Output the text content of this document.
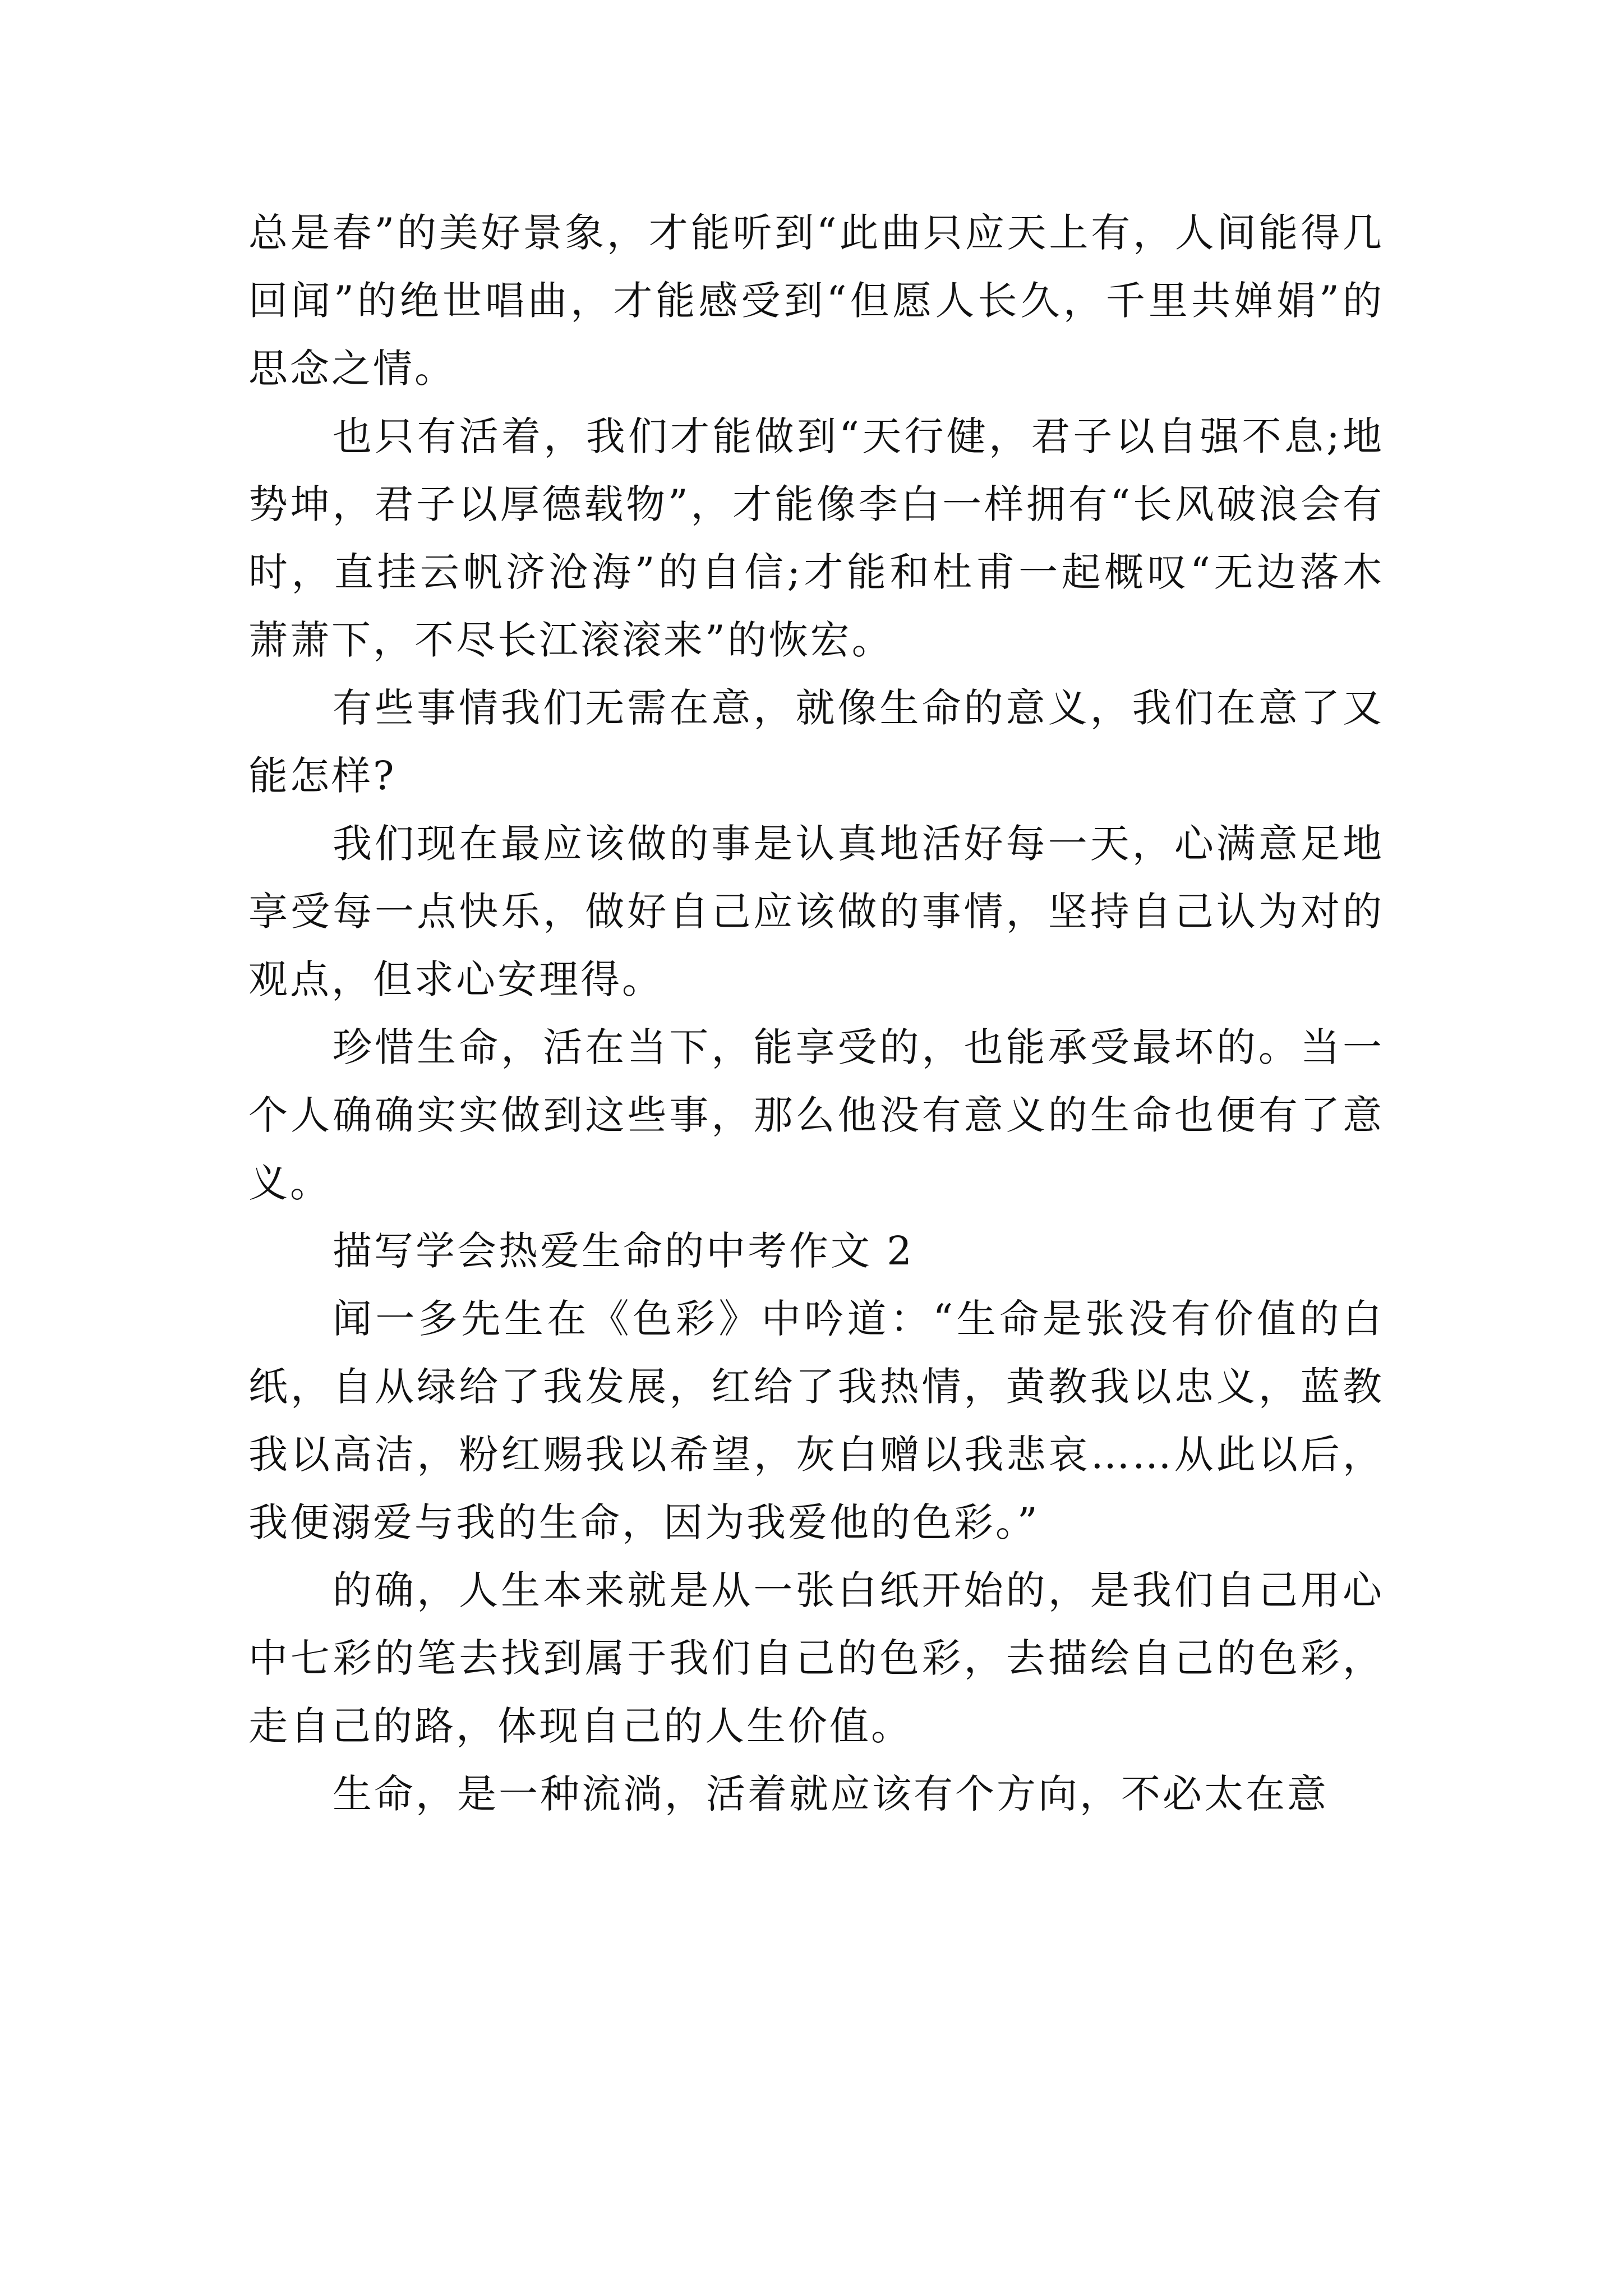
总是春”的美好景象，才能听到“此曲只应天上有，人间能得几回闻”的绝世唱曲，才能感受到“但愿人长久，千里共婵娟”的思念之情。

也只有活着，我们才能做到“天行健，君子以自强不息;地势坤，君子以厚德载物”，才能像李白一样拥有“长风破浪会有时，直挂云帆济沧海”的自信;才能和杜甫一起概叹“无边落木萧萧下，不尽长江滚滚来”的恢宏。

有些事情我们无需在意，就像生命的意义，我们在意了又能怎样?

我们现在最应该做的事是认真地活好每一天，心满意足地享受每一点快乐，做好自己应该做的事情，坚持自己认为对的观点，但求心安理得。

珍惜生命，活在当下，能享受的，也能承受最坏的。当一个人确确实实做到这些事，那么他没有意义的生命也便有了意义。

描写学会热爱生命的中考作文 2

闻一多先生在《色彩》中吟道：“生命是张没有价值的白纸，自从绿给了我发展，红给了我热情，黄教我以忠义，蓝教我以高洁，粉红赐我以希望，灰白赠以我悲哀……从此以后，我便溺爱与我的生命，因为我爱他的色彩。”

的确，人生本来就是从一张白纸开始的，是我们自己用心中七彩的笔去找到属于我们自己的色彩，去描绘自己的色彩，走自己的路，体现自己的人生价值。

生命，是一种流淌，活着就应该有个方向，不必太在意
